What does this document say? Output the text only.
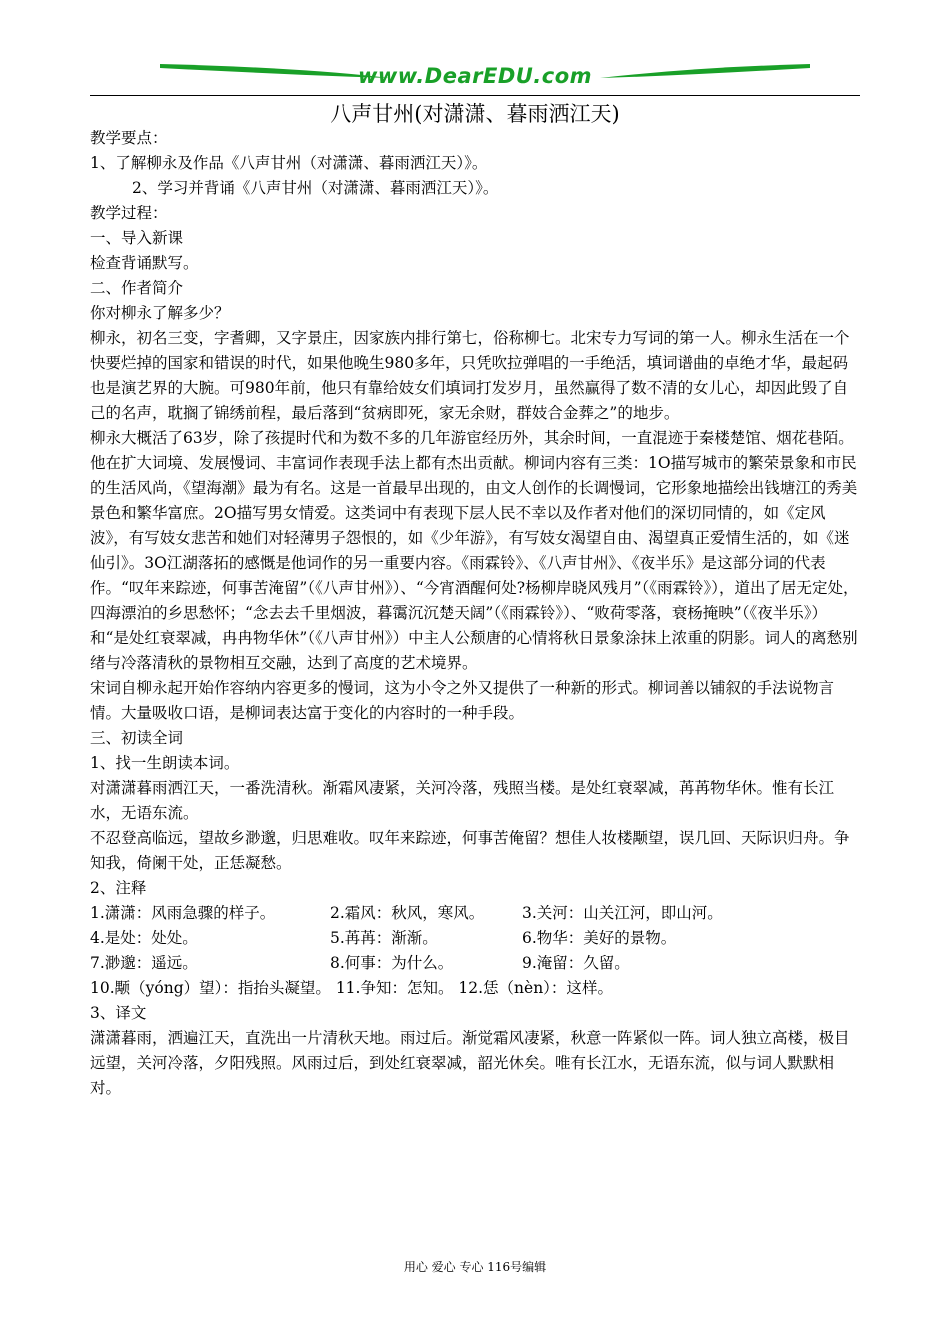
www.DearEDU.com
八声甘州(对潇潇、暮雨洒江天)

教学要点：

1、了解柳永及作品《八声甘州（对潇潇、暮雨洒江天）》。

2、学习并背诵《八声甘州（对潇潇、暮雨洒江天）》。

教学过程：

一、导入新课

检查背诵默写。

二、作者简介

你对柳永了解多少？

柳永，初名三变，字耆卿，又字景庄，因家族内排行第七，俗称柳七。北宋专力写词的第一人。柳永生活在一个快要烂掉的国家和错误的时代，如果他晚生980多年，只凭吹拉弹唱的一手绝活，填词谱曲的卓绝才华，最起码也是演艺界的大腕。可980年前，他只有靠给妓女们填词打发岁月，虽然赢得了数不清的女儿心，却因此毁了自己的名声，耽搁了锦绣前程，最后落到“贫病即死，家无余财，群妓合金葬之”的地步。

柳永大概活了63岁，除了孩提时代和为数不多的几年游宦经历外，其余时间，一直混迹于秦楼楚馆、烟花巷陌。

他在扩大词境、发展慢词、丰富词作表现手法上都有杰出贡献。柳词内容有三类：1O描写城市的繁荣景象和市民的生活风尚，《望海潮》最为有名。这是一首最早出现的，由文人创作的长调慢词，它形象地描绘出钱塘江的秀美景色和繁华富庶。2O描写男女情爱。这类词中有表现下层人民不幸以及作者对他们的深切同情的，如《定风波》，有写妓女悲苦和她们对轻薄男子怨恨的，如《少年游》，有写妓女渴望自由、渴望真正爱情生活的，如《迷仙引》。3O江湖落拓的感慨是他词作的另一重要内容。《雨霖铃》、《八声甘州》、《夜半乐》是这部分词的代表作。“叹年来踪迹，何事苦淹留”（《八声甘州》）、“今宵酒醒何处?杨柳岸晓风残月”（《雨霖铃》），道出了居无定处，四海漂泊的乡思愁怀；“念去去千里烟波，暮霭沉沉楚天阔”（《雨霖铃》）、“败荷零落，衰杨掩映”（《夜半乐》）和“是处红衰翠减，冉冉物华休”（《八声甘州》）中主人公颓唐的心情将秋日景象涂抹上浓重的阴影。词人的离愁别绪与冷落清秋的景物相互交融，达到了高度的艺术境界。

宋词自柳永起开始作容纳内容更多的慢词，这为小令之外又提供了一种新的形式。柳词善以铺叙的手法说物言情。大量吸收口语，是柳词表达富于变化的内容时的一种手段。

三、初读全词

1、找一生朗读本词。

对潇潇暮雨洒江天，一番洗清秋。渐霜风凄紧，关河冷落，残照当楼。是处红衰翠减，苒苒物华休。惟有长江水，无语东流。

不忍登高临远，望故乡渺邈，归思难收。叹年来踪迹，何事苦俺留？想佳人妆楼颙望，误几回、天际识归舟。争知我，倚阑干处，正恁凝愁。

2、注释

1.潇潇：风雨急骤的样子。	2.霜风：秋风，寒风。	3.关河：山关江河，即山河。
4.是处：处处。	5.苒苒：渐渐。	6.物华：美好的景物。
7.渺邈：遥远。	8.何事：为什么。	9.淹留：久留。

10.颙（yóng）望）：指抬头凝望。 11.争知：怎知。 12.恁（nèn）：这样。

3、译文

潇潇暮雨，洒遍江天，直洗出一片清秋天地。雨过后。渐觉霜风凄紧，秋意一阵紧似一阵。词人独立高楼，极目远望，关河冷落，夕阳残照。风雨过后，到处红衰翠减，韶光休矣。唯有长江水，无语东流，似与词人默默相对。

用心 爱心 专心 116号编辑
